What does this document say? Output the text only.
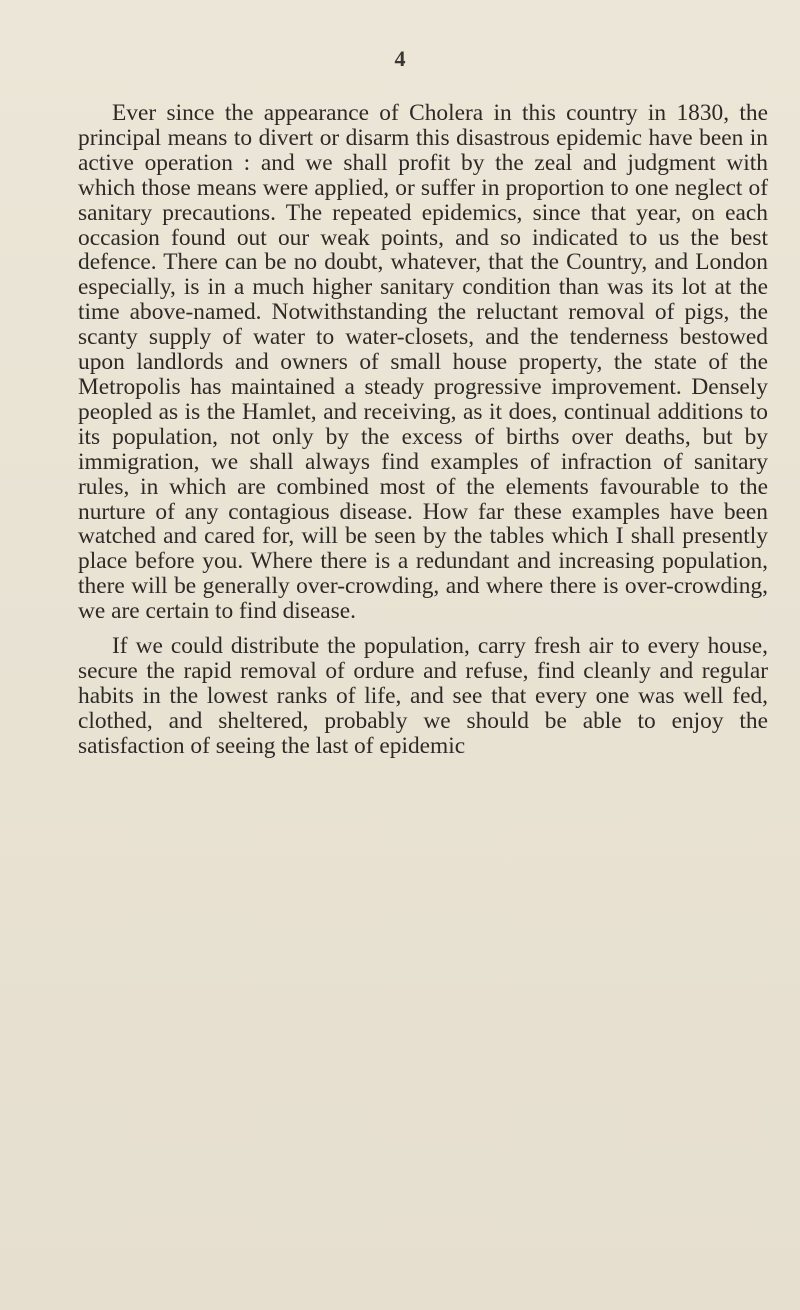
4

Ever since the appearance of Cholera in this country in 1830, the principal means to divert or disarm this disastrous epidemic have been in active operation : and we shall profit by the zeal and judgment with which those means were applied, or suffer in proportion to one neglect of sanitary precautions. The repeated epidemics, since that year, on each occasion found out our weak points, and so indicated to us the best defence. There can be no doubt, whatever, that the Country, and London especially, is in a much higher sanitary condition than was its lot at the time above-named. Notwithstanding the reluctant removal of pigs, the scanty supply of water to water-closets, and the tenderness bestowed upon landlords and owners of small house property, the state of the Metropolis has maintained a steady progressive improvement. Densely peopled as is the Hamlet, and receiving, as it does, continual additions to its population, not only by the excess of births over deaths, but by immigration, we shall always find examples of infraction of sanitary rules, in which are combined most of the elements favourable to the nurture of any contagious disease. How far these examples have been watched and cared for, will be seen by the tables which I shall presently place before you. Where there is a redundant and increasing population, there will be generally over-crowding, and where there is over-crowding, we are certain to find disease.

If we could distribute the population, carry fresh air to every house, secure the rapid removal of ordure and refuse, find cleanly and regular habits in the lowest ranks of life, and see that every one was well fed, clothed, and sheltered, probably we should be able to enjoy the satisfaction of seeing the last of epidemic
